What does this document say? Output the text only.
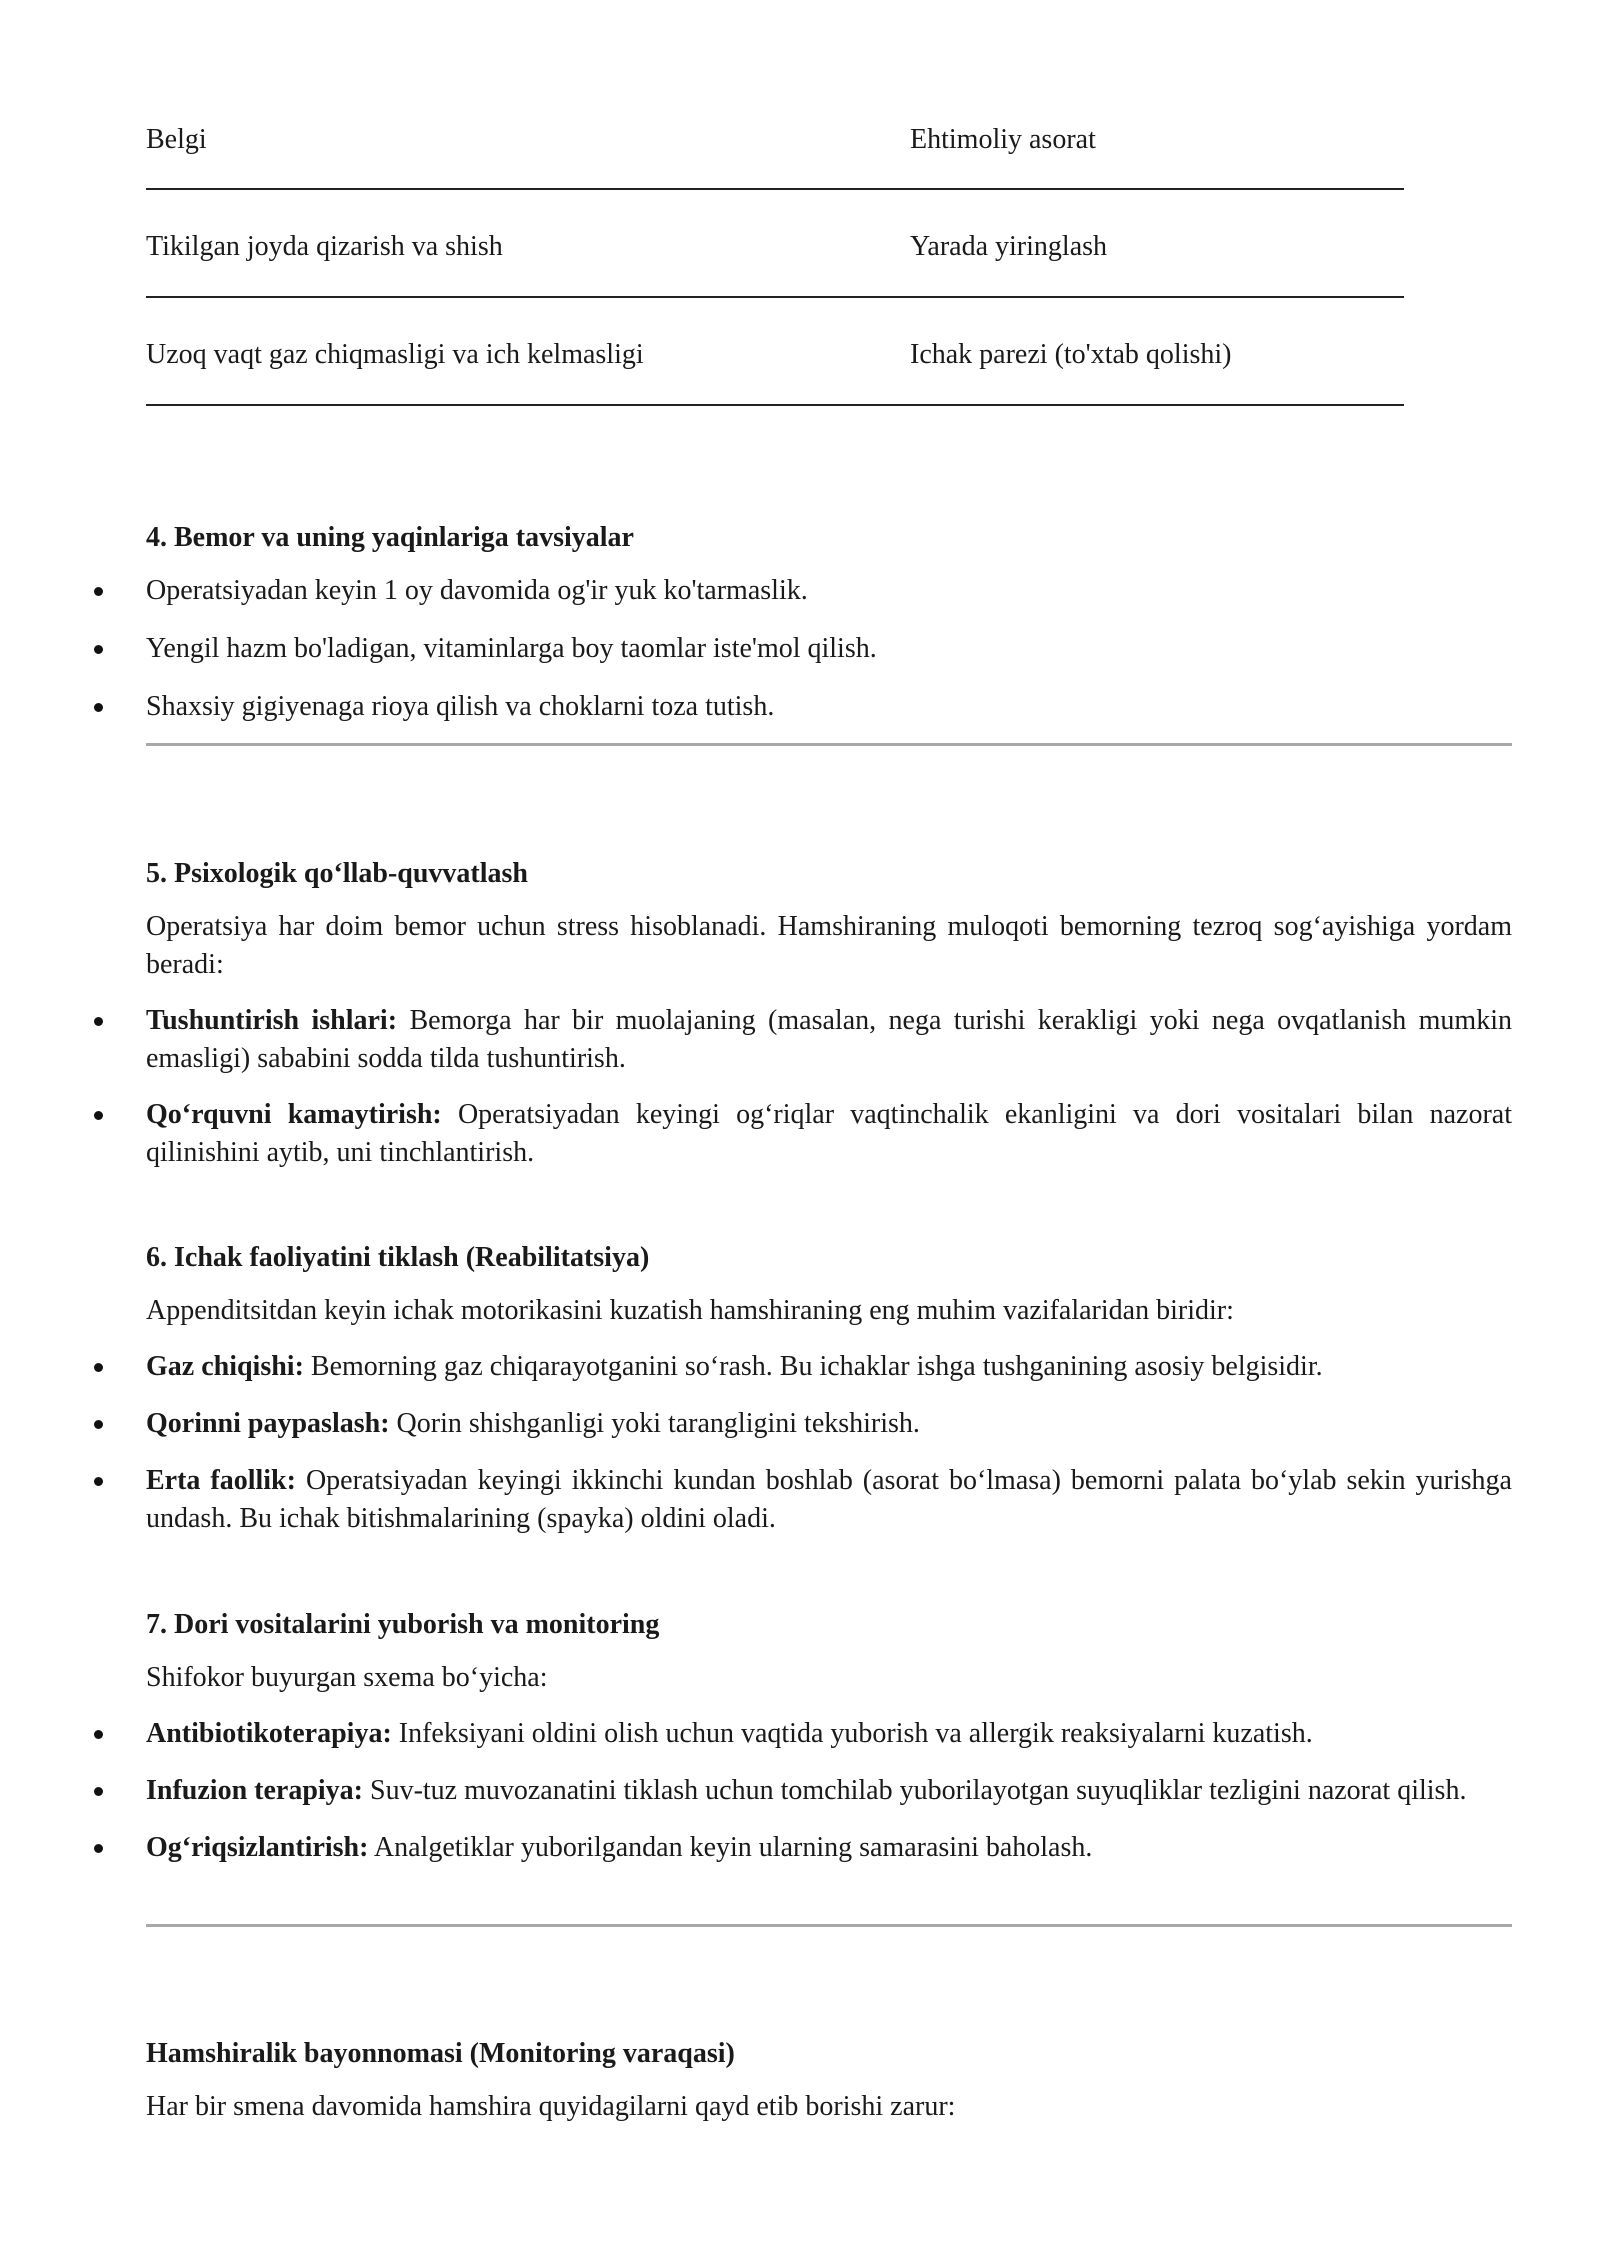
Belgi	Ehtimoliy asorat
Tikilgan joyda qizarish va shish	Yarada yiringlash
Uzoq vaqt gaz chiqmasligi va ich kelmasligi	Ichak parezi (to'xtab qolishi)
4. Bemor va uning yaqinlariga tavsiyalar
Operatsiyadan keyin 1 oy davomida og'ir yuk ko'tarmaslik.
Yengil hazm bo'ladigan, vitaminlarga boy taomlar iste'mol qilish.
Shaxsiy gigiyenaga rioya qilish va choklarni toza tutish.
5. Psixologik qo‘llab-quvvatlash
Operatsiya har doim bemor uchun stress hisoblanadi. Hamshiraning muloqoti bemorning tezroq sog‘ayishiga yordam beradi:
Tushuntirish ishlari: Bemorga har bir muolajaning (masalan, nega turishi kerakligi yoki nega ovqatlanish mumkin emasligi) sababini sodda tilda tushuntirish.
Qo‘rquvni kamaytirish: Operatsiyadan keyingi og‘riqlar vaqtinchalik ekanligini va dori vositalari bilan nazorat qilinishini aytib, uni tinchlantirish.
6. Ichak faoliyatini tiklash (Reabilitatsiya)
Appenditsitdan keyin ichak motorikasini kuzatish hamshiraning eng muhim vazifalaridan biridir:
Gaz chiqishi: Bemorning gaz chiqarayotganini so‘rash. Bu ichaklar ishga tushganining asosiy belgisidir.
Qorinni paypaslash: Qorin shishganligi yoki tarangligini tekshirish.
Erta faollik: Operatsiyadan keyingi ikkinchi kundan boshlab (asorat bo‘lmasa) bemorni palata bo‘ylab sekin yurishga undash. Bu ichak bitishmalarining (spayka) oldini oladi.
7. Dori vositalarini yuborish va monitoring
Shifokor buyurgan sxema bo‘yicha:
Antibiotikoterapiya: Infeksiyani oldini olish uchun vaqtida yuborish va allergik reaksiyalarni kuzatish.
Infuzion terapiya: Suv-tuz muvozanatini tiklash uchun tomchilab yuborilayotgan suyuqliklar tezligini nazorat qilish.
Og‘riqsizlantirish: Analgetiklar yuborilgandan keyin ularning samarasini baholash.
Hamshiralik bayonnomasi (Monitoring varaqasi)
Har bir smena davomida hamshira quyidagilarni qayd etib borishi zarur:
